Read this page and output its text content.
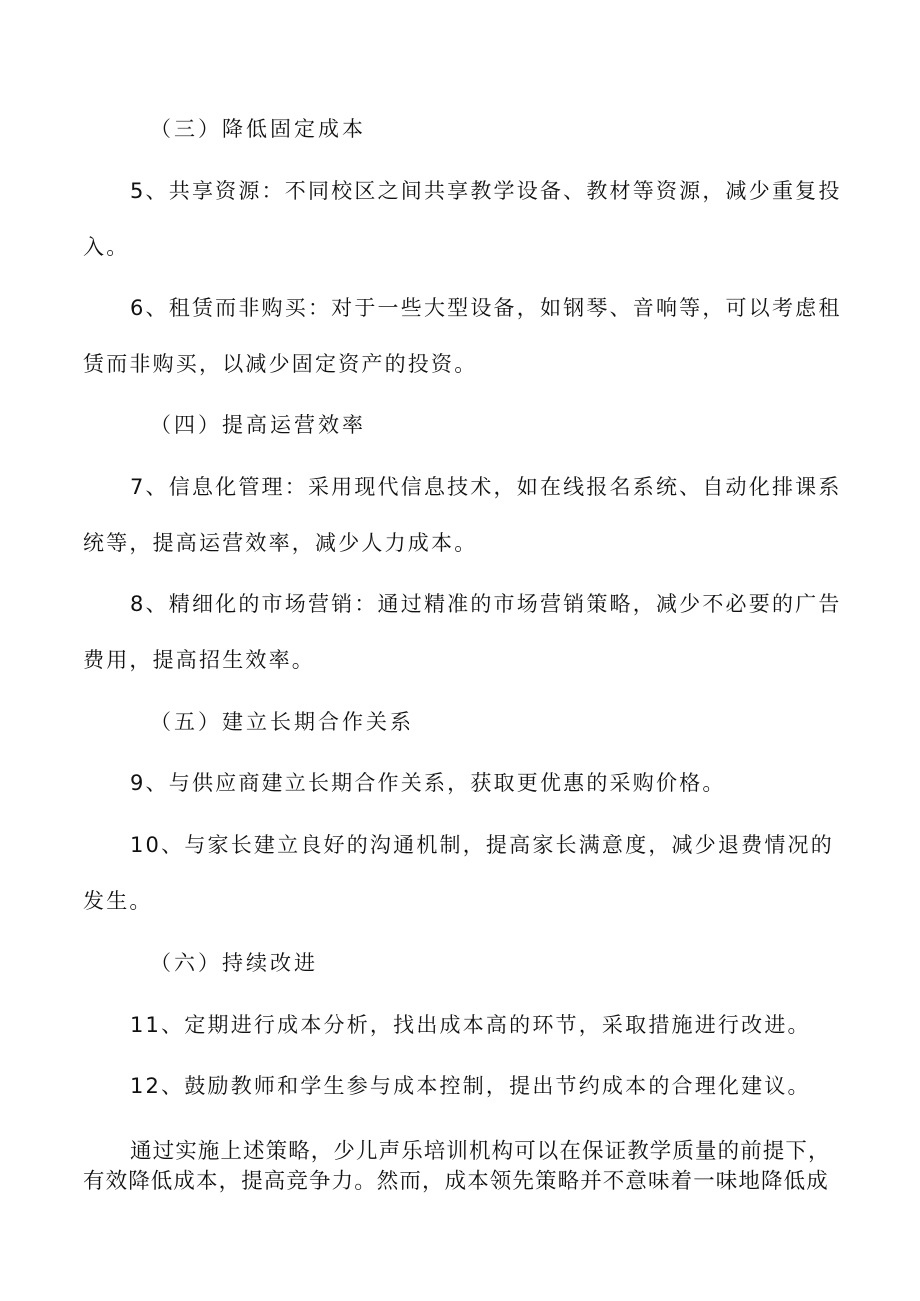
（三）降低固定成本
5、共享资源：不同校区之间共享教学设备、教材等资源，减少重复投
入。
6、租赁而非购买：对于一些大型设备，如钢琴、音响等，可以考虑租
赁而非购买，以减少固定资产的投资。
（四）提高运营效率
7、信息化管理：采用现代信息技术，如在线报名系统、自动化排课系
统等，提高运营效率，减少人力成本。
8、精细化的市场营销：通过精准的市场营销策略，减少不必要的广告
费用，提高招生效率。
（五）建立长期合作关系
9、与供应商建立长期合作关系，获取更优惠的采购价格。
10、与家长建立良好的沟通机制，提高家长满意度，减少退费情况的
发生。
（六）持续改进
11、定期进行成本分析，找出成本高的环节，采取措施进行改进。
12、鼓励教师和学生参与成本控制，提出节约成本的合理化建议。
通过实施上述策略，少儿声乐培训机构可以在保证教学质量的前提下，
有效降低成本，提高竞争力。然而，成本领先策略并不意味着一味地降低成
